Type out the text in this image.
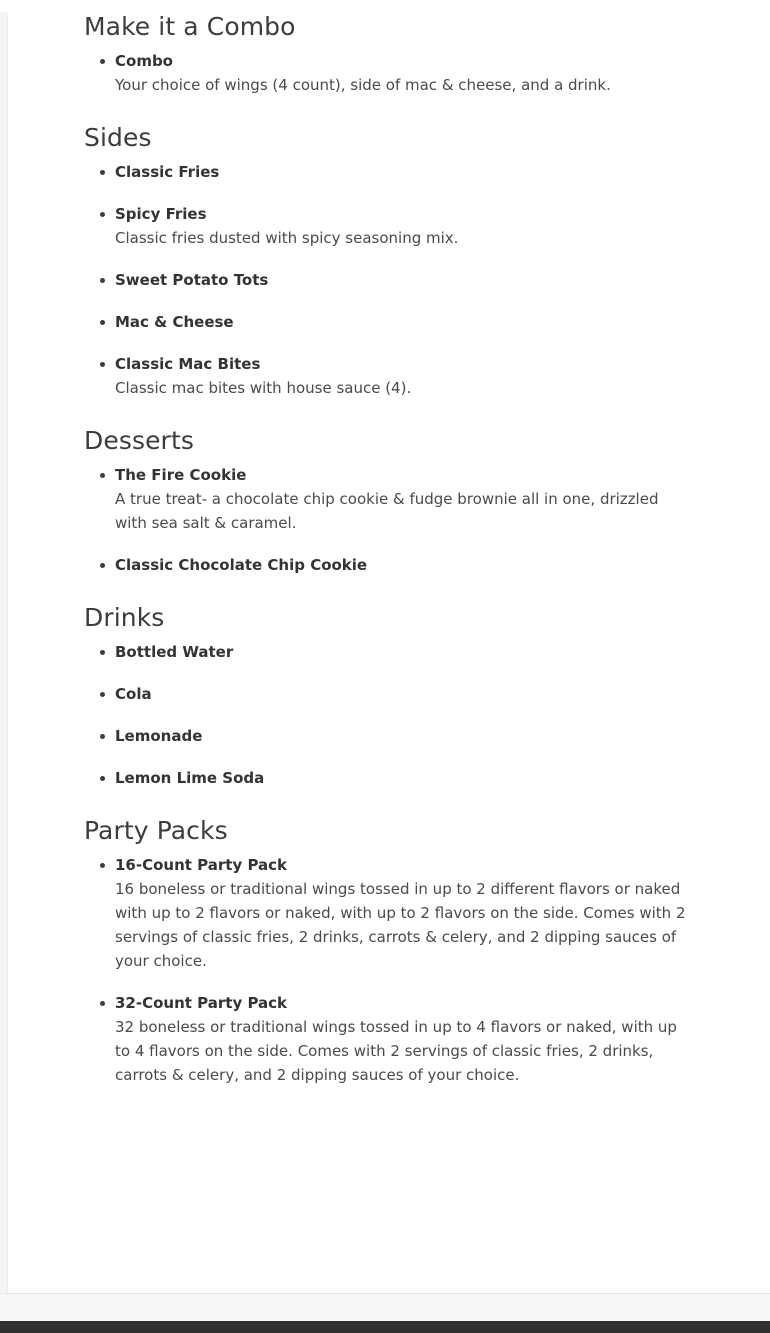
Make it a Combo
Combo
Your choice of wings (4 count), side of mac & cheese, and a drink.
Sides
Classic Fries
Spicy Fries
Classic fries dusted with spicy seasoning mix.
Sweet Potato Tots
Mac & Cheese
Classic Mac Bites
Classic mac bites with house sauce (4).
Desserts
The Fire Cookie
A true treat- a chocolate chip cookie & fudge brownie all in one, drizzled with sea salt & caramel.
Classic Chocolate Chip Cookie
Drinks
Bottled Water
Cola
Lemonade
Lemon Lime Soda
Party Packs
16-Count Party Pack
16 boneless or traditional wings tossed in up to 2 different flavors or naked with up to 2 flavors or naked, with up to 2 flavors on the side. Comes with 2 servings of classic fries, 2 drinks, carrots & celery, and 2 dipping sauces of your choice.
32-Count Party Pack
32 boneless or traditional wings tossed in up to 4 flavors or naked, with up to 4 flavors on the side. Comes with 2 servings of classic fries, 2 drinks, carrots & celery, and 2 dipping sauces of your choice.
